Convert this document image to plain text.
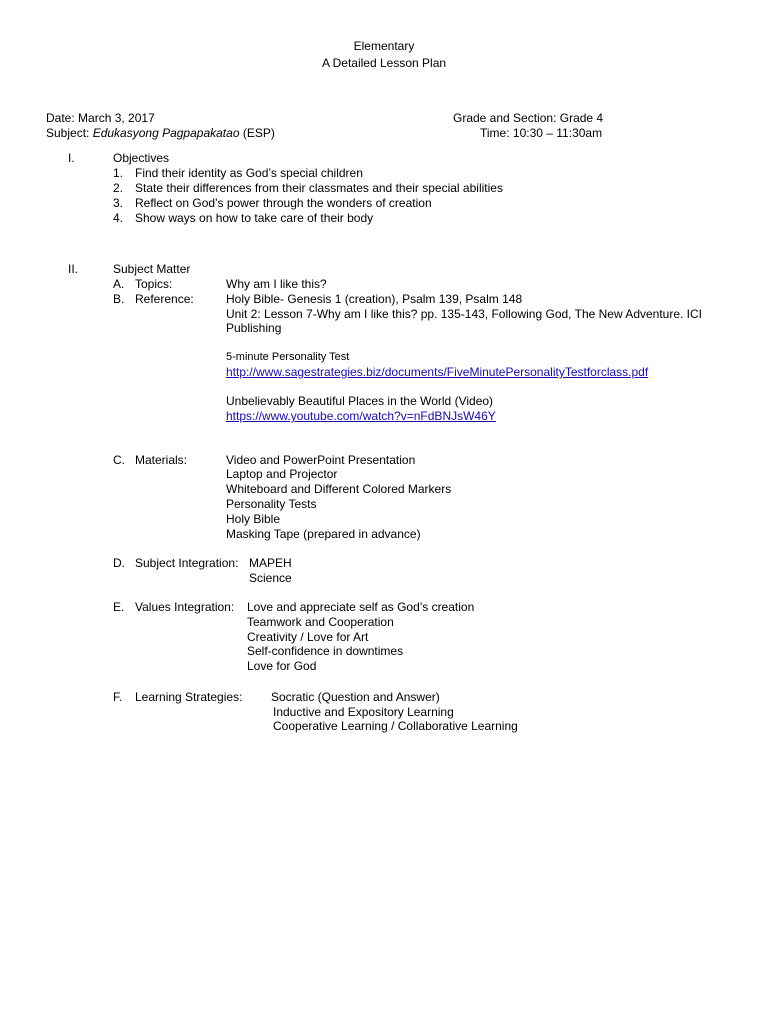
Elementary
A Detailed Lesson Plan
Date: March 3, 2017
Subject: Edukasyong Pagpapakatao (ESP)
Grade and Section: Grade 4
Time: 10:30 – 11:30am
I.	Objectives
1. Find their identity as God’s special children
2. State their differences from their classmates and their special abilities
3. Reflect on God’s power through the wonders of creation
4. Show ways on how to take care of their body
II.	Subject Matter
A. Topics:	Why am I like this?
B. Reference:	Holy Bible- Genesis 1 (creation), Psalm 139, Psalm 148
Unit 2: Lesson 7-Why am I like this? pp. 135-143, Following God, The New Adventure. ICI
Publishing
5-minute Personality Test
http://www.sagestrategies.biz/documents/FiveMinutePersonalityTestforclass.pdf
Unbelievably Beautiful Places in the World (Video)
https://www.youtube.com/watch?v=nFdBNJsW46Y
C. Materials:	Video and PowerPoint Presentation
Laptop and Projector
Whiteboard and Different Colored Markers
Personality Tests
Holy Bible
Masking Tape (prepared in advance)
D. Subject Integration: MAPEH
Science
E. Values Integration: Love and appreciate self as God’s creation
Teamwork and Cooperation
Creativity / Love for Art
Self-confidence in downtimes
Love for God
F. Learning Strategies: Socratic (Question and Answer)
Inductive and Expository Learning
Cooperative Learning / Collaborative Learning
